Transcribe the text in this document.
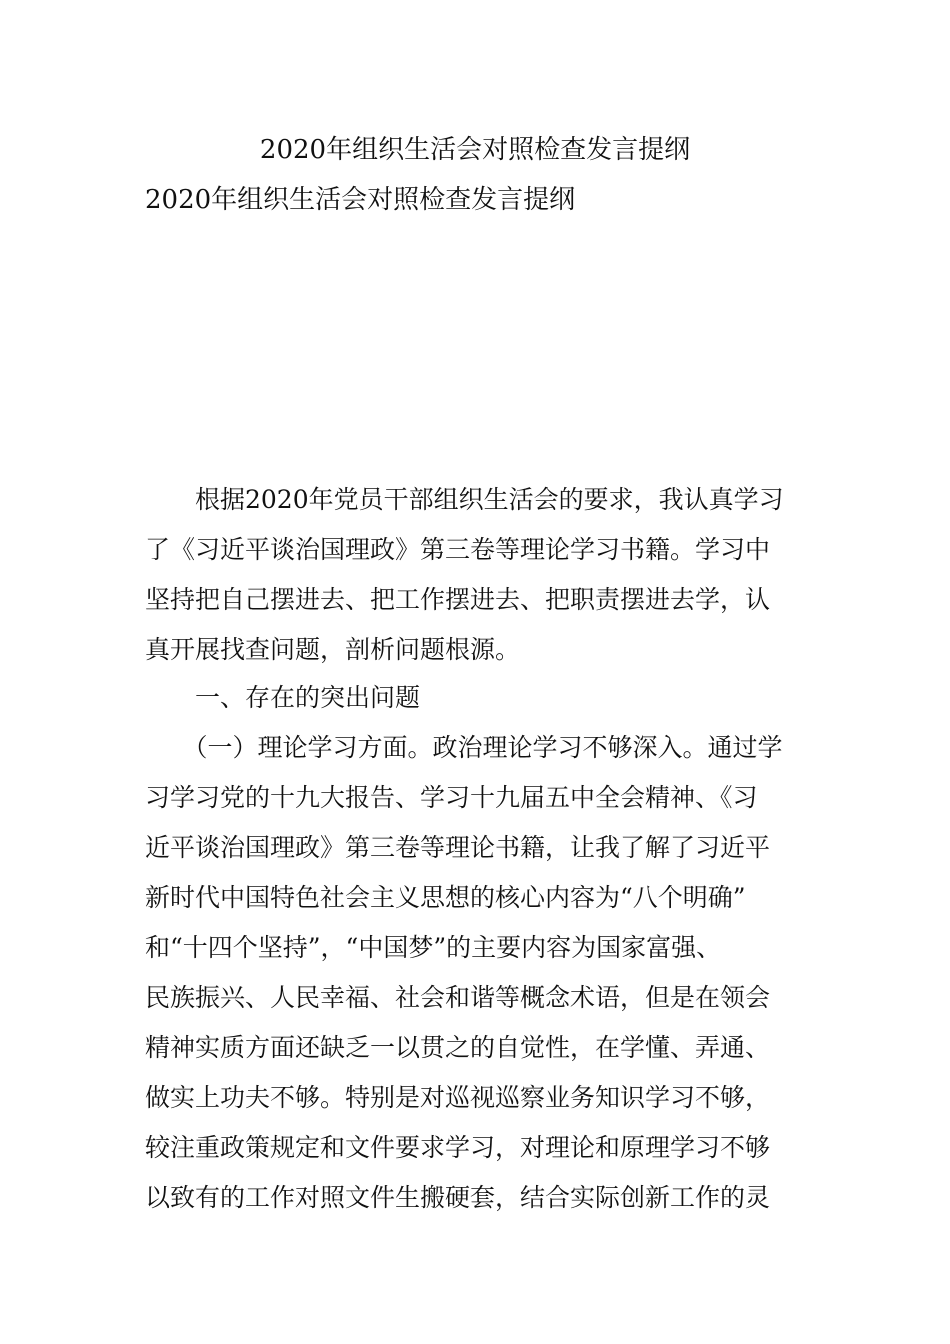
2020年组织生活会对照检查发言提纲
2020年组织生活会对照检查发言提纲
　　根据2020年党员干部组织生活会的要求，我认真学习
了《习近平谈治国理政》第三卷等理论学习书籍。学习中
坚持把自己摆进去、把工作摆进去、把职责摆进去学，认
真开展找查问题，剖析问题根源。
　　一、存在的突出问题
　　（一）理论学习方面。政治理论学习不够深入。通过学
习学习党的十九大报告、学习十九届五中全会精神、《习
近平谈治国理政》第三卷等理论书籍，让我了解了习近平
新时代中国特色社会主义思想的核心内容为“八个明确”
和“十四个坚持”，“中国梦”的主要内容为国家富强、
民族振兴、人民幸福、社会和谐等概念术语，但是在领会
精神实质方面还缺乏一以贯之的自觉性，在学懂、弄通、
做实上功夫不够。特别是对巡视巡察业务知识学习不够，
较注重政策规定和文件要求学习，对理论和原理学习不够
以致有的工作对照文件生搬硬套，结合实际创新工作的灵
